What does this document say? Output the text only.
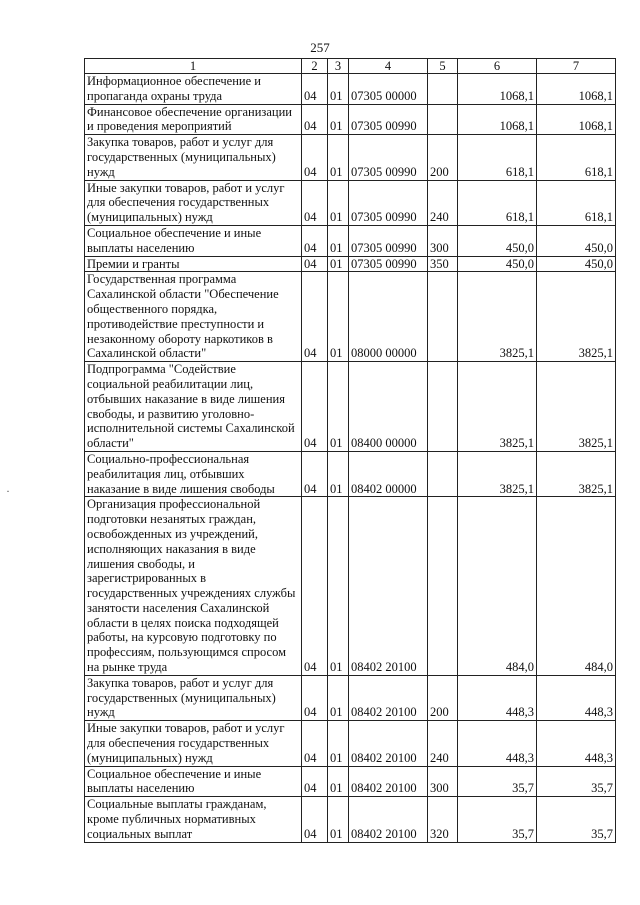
257
1	2	3	4	5	6	7
Информационное обеспечение и пропаганда охраны труда	04	01	07305 00000		1068,1	1068,1
Финансовое обеспечение организации и проведения мероприятий	04	01	07305 00990		1068,1	1068,1
Закупка товаров, работ и услуг для государственных (муниципальных) нужд	04	01	07305 00990	200	618,1	618,1
Иные закупки товаров, работ и услуг для обеспечения государственных (муниципальных) нужд	04	01	07305 00990	240	618,1	618,1
Социальное обеспечение и иные выплаты населению	04	01	07305 00990	300	450,0	450,0
Премии и гранты	04	01	07305 00990	350	450,0	450,0
Государственная программа Сахалинской области "Обеспечение общественного порядка, противодействие преступности и незаконному обороту наркотиков в Сахалинской области"	04	01	08000 00000		3825,1	3825,1
Подпрограмма "Содействие социальной реабилитации лиц, отбывших наказание в виде лишения свободы, и развитию уголовно-исполнительной системы Сахалинской области"	04	01	08400 00000		3825,1	3825,1
Социально-профессиональная реабилитация лиц, отбывших наказание в виде лишения свободы	04	01	08402 00000		3825,1	3825,1
Организация профессиональной подготовки незанятых граждан, освобожденных из учреждений, исполняющих наказания в виде лишения свободы, и зарегистрированных в государственных учреждениях службы занятости населения Сахалинской области в целях поиска подходящей работы, на курсовую подготовку по профессиям, пользующимся спросом на рынке труда	04	01	08402 20100		484,0	484,0
Закупка товаров, работ и услуг для государственных (муниципальных) нужд	04	01	08402 20100	200	448,3	448,3
Иные закупки товаров, работ и услуг для обеспечения государственных (муниципальных) нужд	04	01	08402 20100	240	448,3	448,3
Социальное обеспечение и иные выплаты населению	04	01	08402 20100	300	35,7	35,7
Социальные выплаты гражданам, кроме публичных нормативных социальных выплат	04	01	08402 20100	320	35,7	35,7
·
